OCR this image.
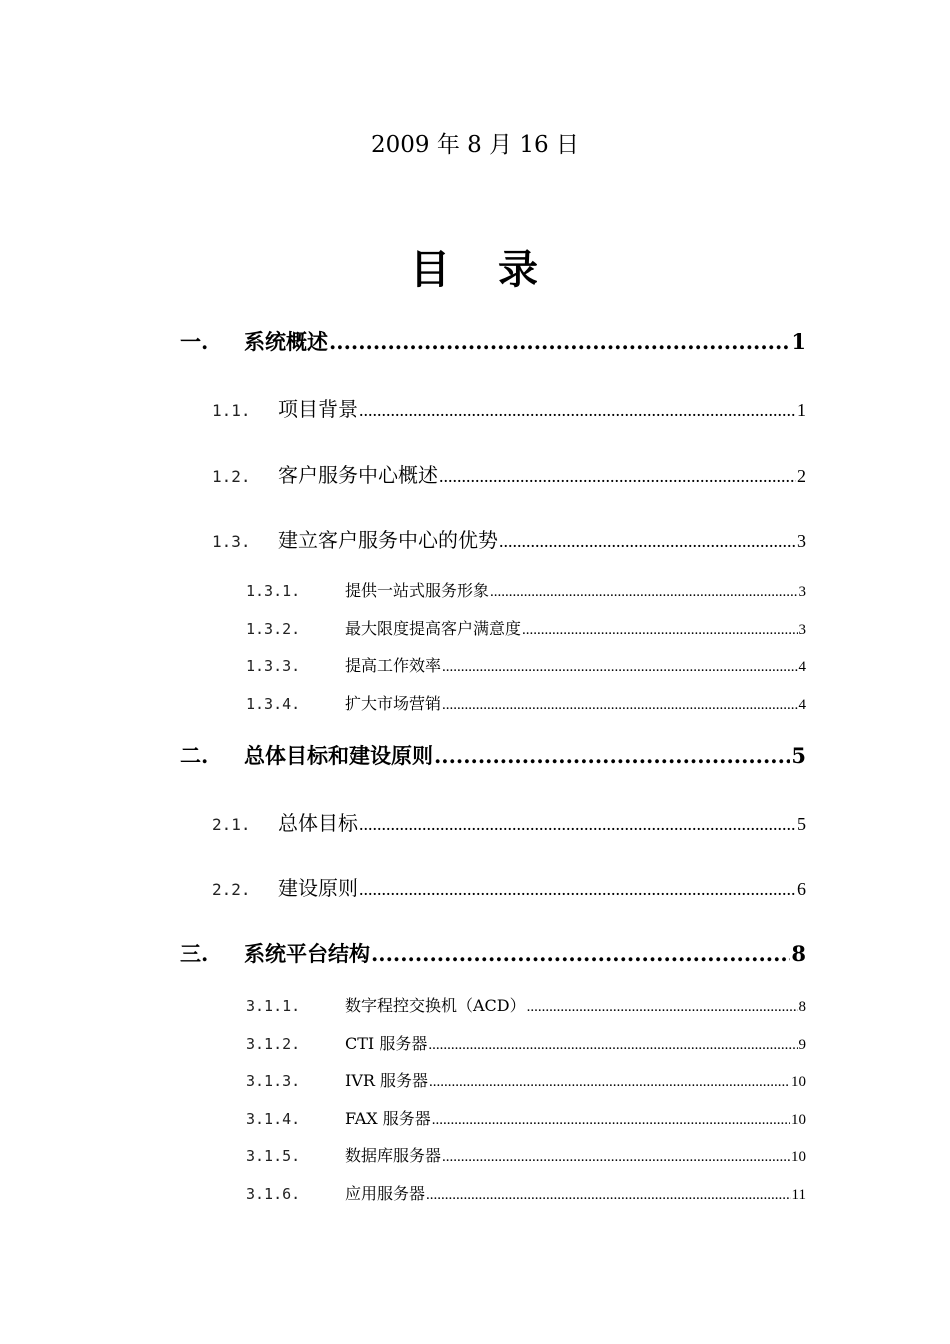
2009 年 8 月 16 日
目 录
一.	系统概述 .....	1
1.1.	项目背景 .....	1
1.2.	客户服务中心概述 .....	2
1.3.	建立客户服务中心的优势 .....	3
1.3.1.	提供一站式服务形象 .....	3
1.3.2.	最大限度提高客户满意度 .....	3
1.3.3.	提高工作效率 .....	4
1.3.4.	扩大市场营销 .....	4
二.	总体目标和建设原则 .....	5
2.1.	总体目标 .....	5
2.2.	建设原则 .....	6
三.	系统平台结构 .....	8
3.1.1.	数字程控交换机（ACD） .....	8
3.1.2.	CTI 服务器 .....	9
3.1.3.	IVR 服务器 .....	10
3.1.4.	FAX 服务器 .....	10
3.1.5.	数据库服务器 .....	10
3.1.6.	应用服务器 .....	11
